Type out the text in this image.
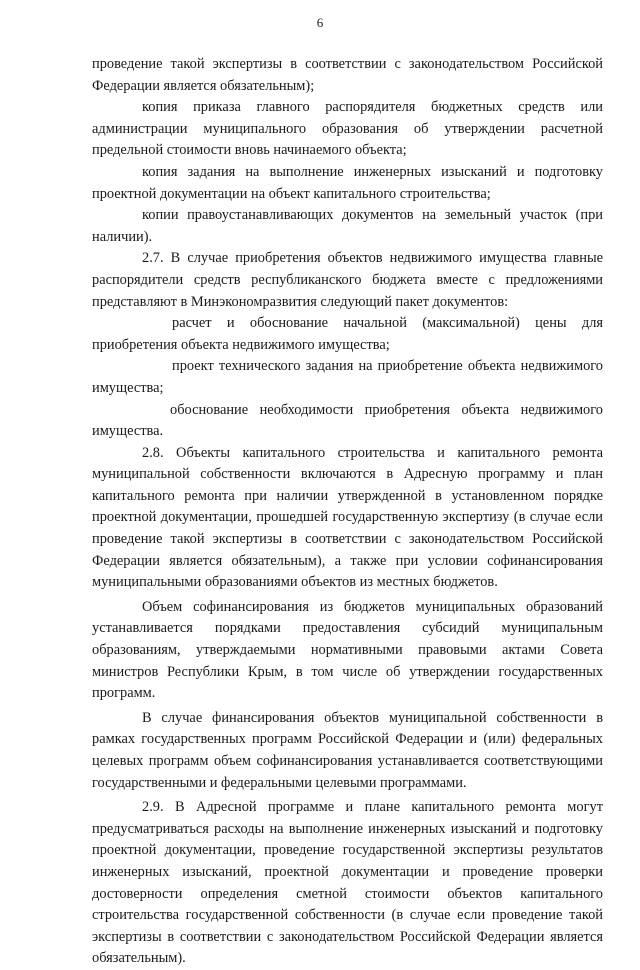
6

проведение такой экспертизы в соответствии с законодательством Российской Федерации является обязательным);

копия приказа главного распорядителя бюджетных средств или администрации муниципального образования об утверждении расчетной предельной стоимости вновь начинаемого объекта;

копия задания на выполнение инженерных изысканий и подготовку проектной документации на объект капитального строительства;

копии правоустанавливающих документов на земельный участок (при наличии).

2.7. В случае приобретения объектов недвижимого имущества главные распорядители средств республиканского бюджета вместе с предложениями представляют в Минэкономразвития следующий пакет документов:

расчет и обоснование начальной (максимальной) цены для приобретения объекта недвижимого имущества;

проект технического задания на приобретение объекта недвижимого имущества;

обоснование необходимости приобретения объекта недвижимого имущества.

2.8. Объекты капитального строительства и капитального ремонта муниципальной собственности включаются в Адресную программу и план капитального ремонта при наличии утвержденной в установленном порядке проектной документации, прошедшей государственную экспертизу (в случае если проведение такой экспертизы в соответствии с законодательством Российской Федерации является обязательным), а также при условии софинансирования муниципальными образованиями объектов из местных бюджетов.

Объем софинансирования из бюджетов муниципальных образований устанавливается порядками предоставления субсидий муниципальным образованиям, утверждаемыми нормативными правовыми актами Совета министров Республики Крым, в том числе об утверждении государственных программ.

В случае финансирования объектов муниципальной собственности в рамках государственных программ Российской Федерации и (или) федеральных целевых программ объем софинансирования устанавливается соответствующими государственными и федеральными целевыми программами.

2.9. В Адресной программе и плане капитального ремонта могут предусматриваться расходы на выполнение инженерных изысканий и подготовку проектной документации, проведение государственной экспертизы результатов инженерных изысканий, проектной документации и проведение проверки достоверности определения сметной стоимости объектов капитального строительства государственной собственности (в случае если проведение такой экспертизы в соответствии с законодательством Российской Федерации является обязательным).
